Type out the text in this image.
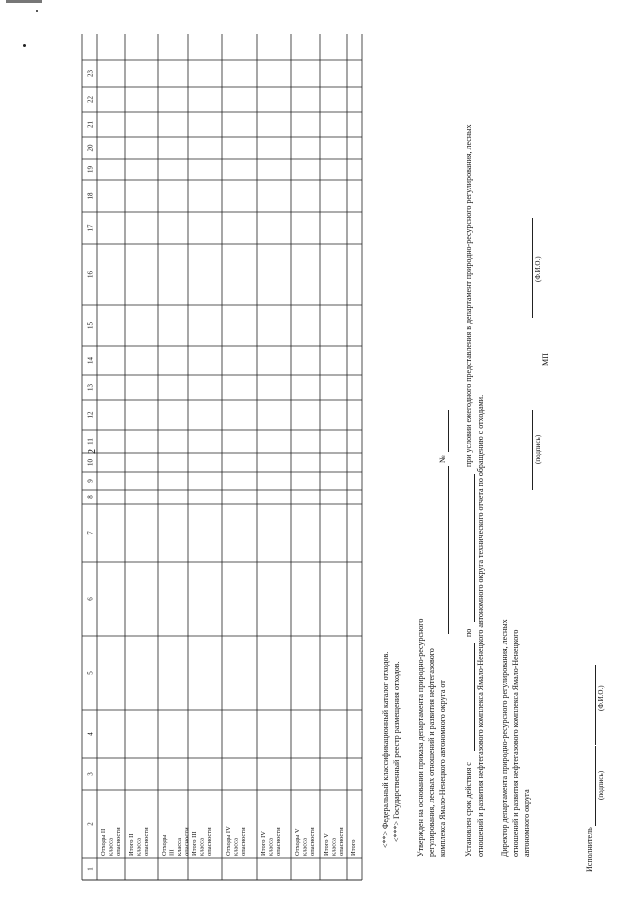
2
1
2
3
4
5
6
7
8
9
10
11
12
13
14
15
16
17
18
19
20
21
22
23
Отходы II класса опасности Итого II класса опасности Отходы III класса опасности Итого III класса опасности Отходы IV класса опасности Итого IV класса опасности Отходы V класса опасности Итого V класса опасности Итого	<**> Федеральный классификационный каталог отходов. <***> Государственный реестр размещения отходов. Утвержден на основании приказа департамента природно-ресурсного регулирования, лесных отношений и развития нефтегазового комплекса Ямало-Ненецкого автономного округа от
№
Установлен срок действия с
по
при условии ежегодного представления в департамент природно-ресурсного регулирования, лесных
отношений и развития нефтегазового комплекса Ямало-Ненецкого автономного округа технического отчета по обращению с отходами. Директор департамента природно-ресурсного регулирования, лесных отношений и развития нефтегазового комплекса Ямало-Ненецкого автономного округа
(подпись)
МП
(Ф.И.О.)
Исполнитель
(подпись)
(Ф.И.О.)
